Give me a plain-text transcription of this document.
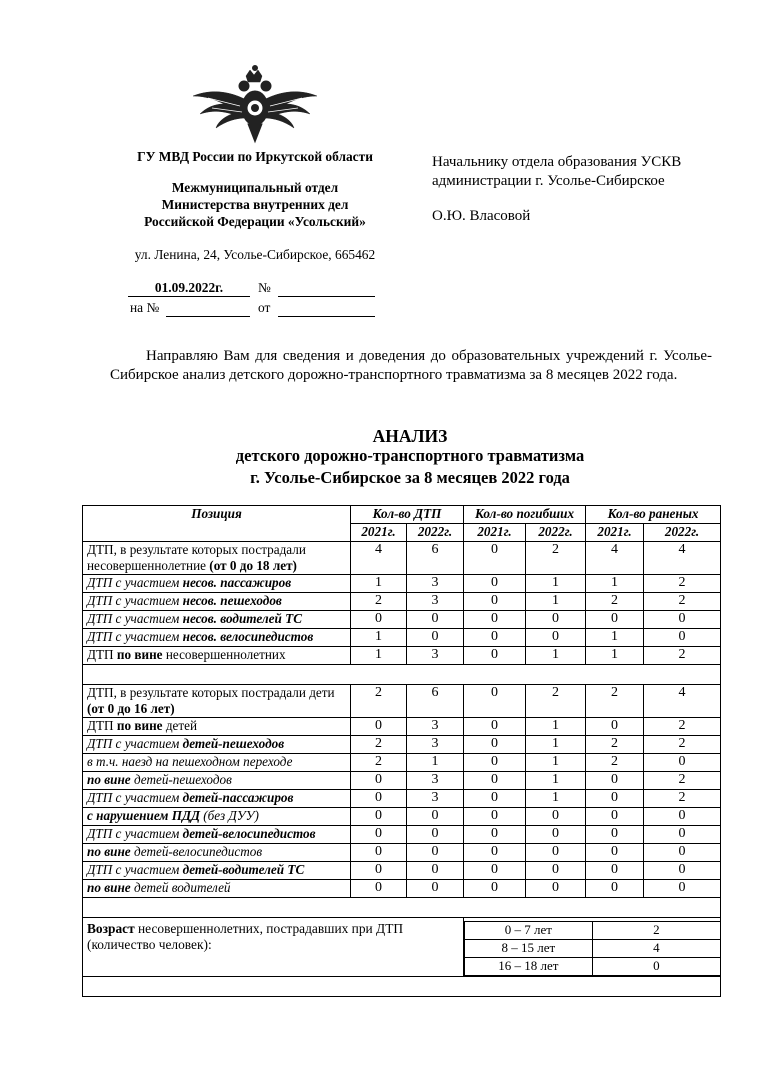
ГУ МВД России по Иркутской области
Межмуниципальный отдел
Министерства внутренних дел
Российской Федерации «Усольский»
ул. Ленина, 24, Усолье-Сибирское, 665462
01.09.2022г.	№
на №	от
Начальнику отдела образования УСКВ
администрации г. Усолье-Сибирское
О.Ю. Власовой
Направляю Вам для сведения и доведения до образовательных учреждений г. Усолье-Сибирское анализ детского дорожно-транспортного травматизма за 8 месяцев 2022 года.
АНАЛИЗ
детского дорожно-транспортного травматизма
г. Усолье-Сибирское за 8 месяцев 2022 года
Позиция	Кол-во ДТП	Кол-во погибших	Кол-во раненых
2021г.	2022г.	2021г.	2022г.	2021г.	2022г.
ДТП, в результате которых пострадали несовершеннолетние (от 0 до 18 лет)	4	6	0	2	4	4
ДТП с участием несов. пассажиров	1	3	0	1	1	2
ДТП с участием несов. пешеходов	2	3	0	1	2	2
ДТП с участием несов. водителей ТС	0	0	0	0	0	0
ДТП с участием несов. велосипедистов	1	0	0	0	1	0
ДТП по вине несовершеннолетних	1	3	0	1	1	2

ДТП, в результате которых пострадали дети (от 0 до 16 лет)	2	6	0	2	2	4
ДТП по вине детей	0	3	0	1	0	2
ДТП с участием детей-пешеходов	2	3	0	1	2	2
в т.ч. наезд на пешеходном переходе	2	1	0	1	2	0
по вине детей-пешеходов	0	3	0	1	0	2
ДТП с участием детей-пассажиров	0	3	0	1	0	2
с нарушением ПДД (без ДУУ)	0	0	0	0	0	0
ДТП с участием детей-велосипедистов	0	0	0	0	0	0
по вине детей-велосипедистов	0	0	0	0	0	0
ДТП с участием детей-водителей ТС	0	0	0	0	0	0
по вине детей водителей	0	0	0	0	0	0

Возраст несовершеннолетних, пострадавших при ДТП (количество человек):	
0 – 7 лет	2
8 – 15 лет	4
16 – 18 лет	0
